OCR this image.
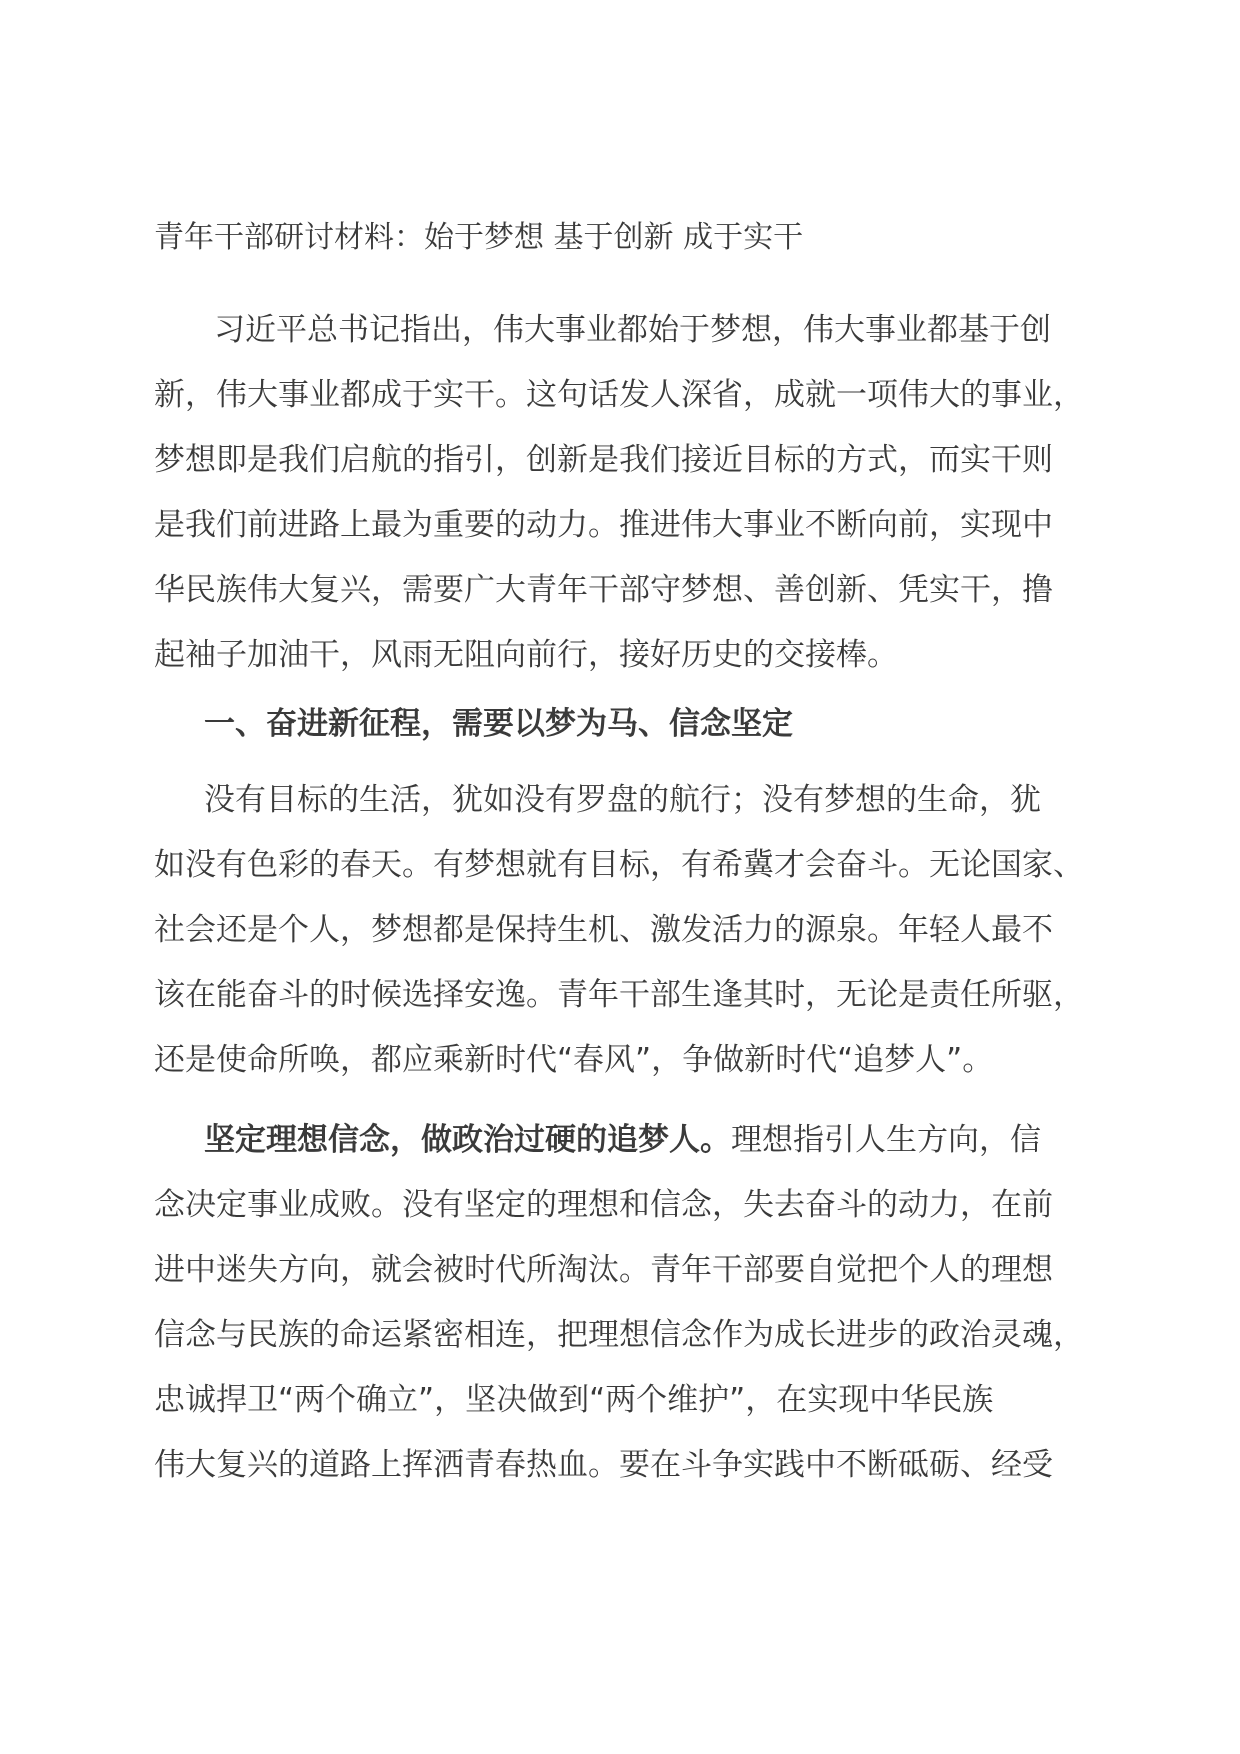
青年干部研讨材料：始于梦想 基于创新 成于实干
习近平总书记指出，伟大事业都始于梦想，伟大事业都基于创
新，伟大事业都成于实干。这句话发人深省，成就一项伟大的事业，
梦想即是我们启航的指引，创新是我们接近目标的方式，而实干则
是我们前进路上最为重要的动力。推进伟大事业不断向前，实现中
华民族伟大复兴，需要广大青年干部守梦想、善创新、凭实干，撸
起袖子加油干，风雨无阻向前行，接好历史的交接棒。
一、奋进新征程，需要以梦为马、信念坚定
没有目标的生活，犹如没有罗盘的航行；没有梦想的生命，犹
如没有色彩的春天。有梦想就有目标，有希冀才会奋斗。无论国家、
社会还是个人，梦想都是保持生机、激发活力的源泉。年轻人最不
该在能奋斗的时候选择安逸。青年干部生逢其时，无论是责任所驱，
还是使命所唤，都应乘新时代“春风”，争做新时代“追梦人”。
坚定理想信念，做政治过硬的追梦人。理想指引人生方向，信
念决定事业成败。没有坚定的理想和信念，失去奋斗的动力，在前
进中迷失方向，就会被时代所淘汰。青年干部要自觉把个人的理想
信念与民族的命运紧密相连，把理想信念作为成长进步的政治灵魂，
忠诚捍卫“两个确立”，坚决做到“两个维护”，在实现中华民族
伟大复兴的道路上挥洒青春热血。要在斗争实践中不断砥砺、经受
